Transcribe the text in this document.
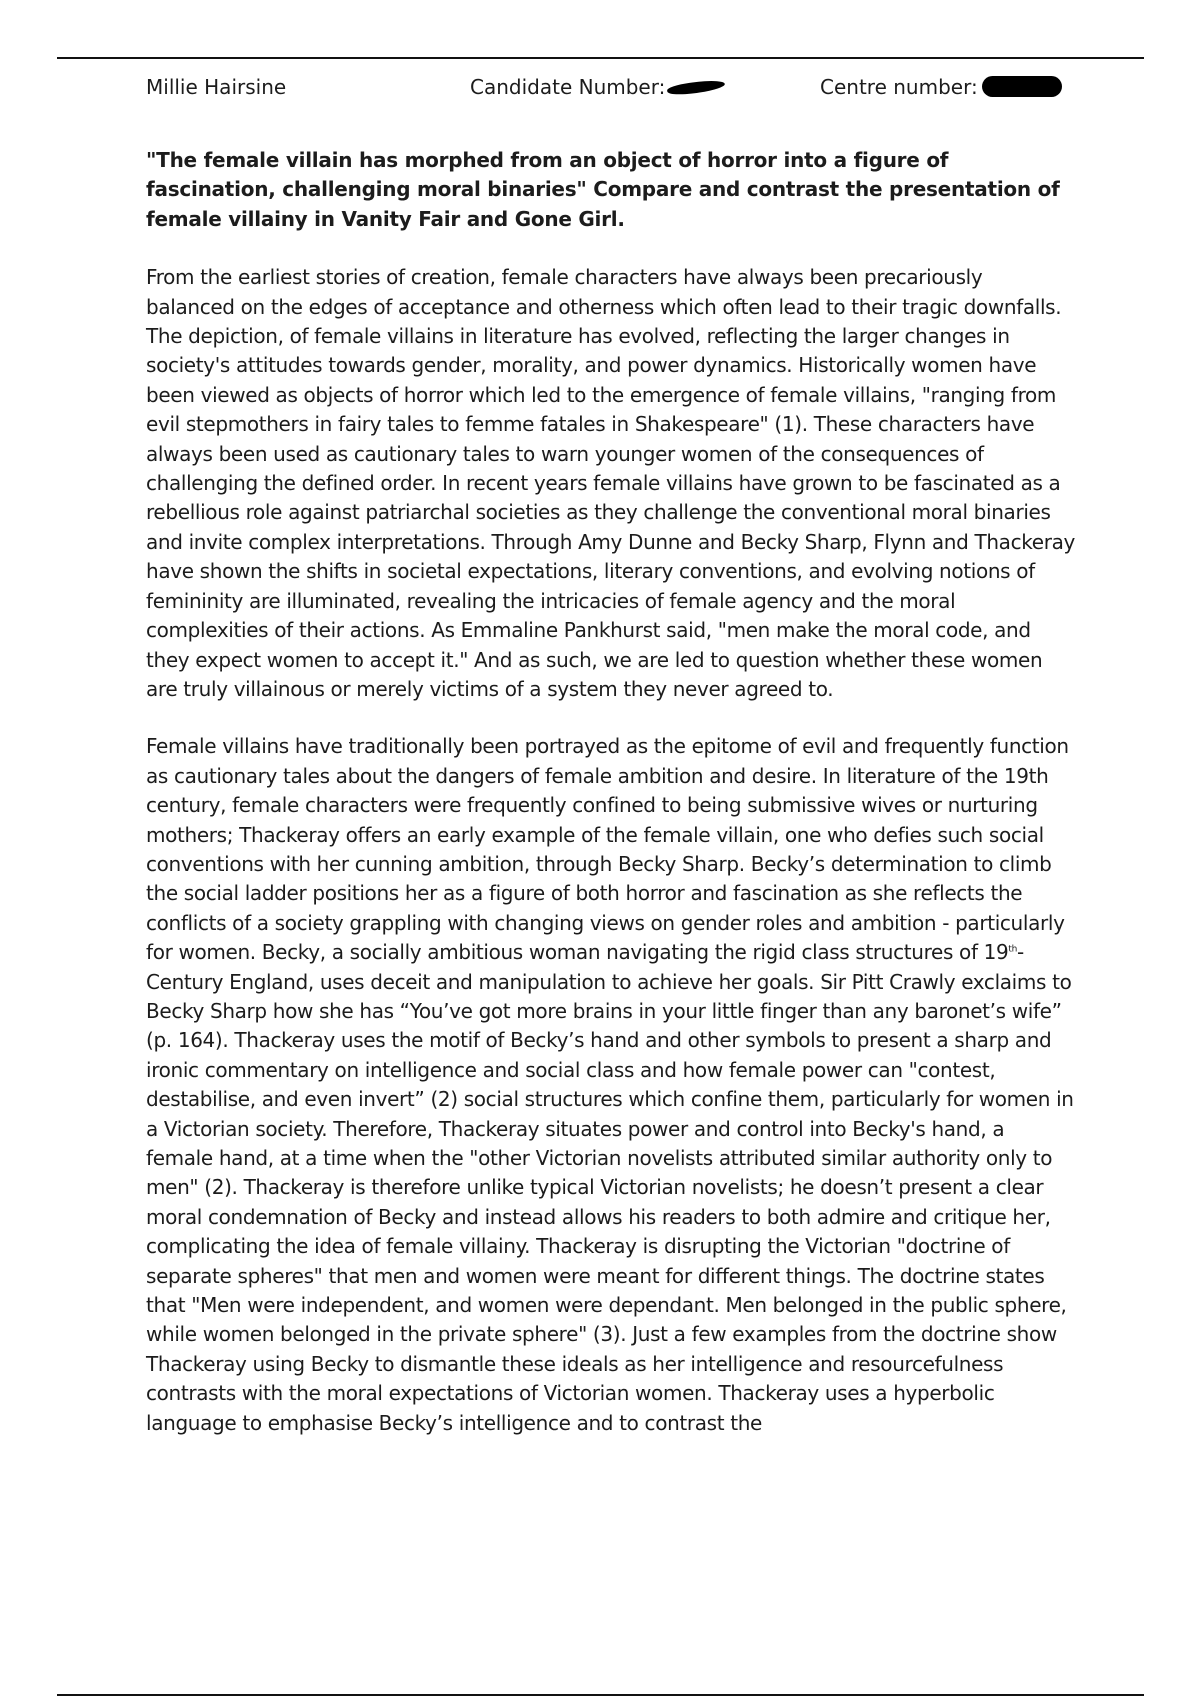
Millie Hairsine	Candidate Number:	Centre number:

"The female villain has morphed from an object of horror into a figure of fascination, challenging moral binaries" Compare and contrast the presentation of female villainy in Vanity Fair and Gone Girl.

From the earliest stories of creation, female characters have always been precariously balanced on the edges of acceptance and otherness which often lead to their tragic downfalls. The depiction, of female villains in literature has evolved, reflecting the larger changes in society's attitudes towards gender, morality, and power dynamics. Historically women have been viewed as objects of horror which led to the emergence of female villains, "ranging from evil stepmothers in fairy tales to femme fatales in Shakespeare" (1). These characters have always been used as cautionary tales to warn younger women of the consequences of challenging the defined order. In recent years female villains have grown to be fascinated as a rebellious role against patriarchal societies as they challenge the conventional moral binaries and invite complex interpretations. Through Amy Dunne and Becky Sharp, Flynn and Thackeray have shown the shifts in societal expectations, literary conventions, and evolving notions of femininity are illuminated, revealing the intricacies of female agency and the moral complexities of their actions. As Emmaline Pankhurst said, "men make the moral code, and they expect women to accept it." And as such, we are led to question whether these women are truly villainous or merely victims of a system they never agreed to.

Female villains have traditionally been portrayed as the epitome of evil and frequently function as cautionary tales about the dangers of female ambition and desire. In literature of the 19th century, female characters were frequently confined to being submissive wives or nurturing mothers; Thackeray offers an early example of the female villain, one who defies such social conventions with her cunning ambition, through Becky Sharp. Becky’s determination to climb the social ladder positions her as a figure of both horror and fascination as she reflects the conflicts of a society grappling with changing views on gender roles and ambition - particularly for women. Becky, a socially ambitious woman navigating the rigid class structures of 19th-Century England, uses deceit and manipulation to achieve her goals. Sir Pitt Crawly exclaims to Becky Sharp how she has “You’ve got more brains in your little finger than any baronet’s wife” (p. 164). Thackeray uses the motif of Becky’s hand and other symbols to present a sharp and ironic commentary on intelligence and social class and how female power can "contest, destabilise, and even invert” (2) social structures which confine them, particularly for women in a Victorian society. Therefore, Thackeray situates power and control into Becky's hand, a female hand, at a time when the "other Victorian novelists attributed similar authority only to men" (2). Thackeray is therefore unlike typical Victorian novelists; he doesn’t present a clear moral condemnation of Becky and instead allows his readers to both admire and critique her, complicating the idea of female villainy. Thackeray is disrupting the Victorian "doctrine of separate spheres" that men and women were meant for different things. The doctrine states that "Men were independent, and women were dependant. Men belonged in the public sphere, while women belonged in the private sphere" (3). Just a few examples from the doctrine show Thackeray using Becky to dismantle these ideals as her intelligence and resourcefulness contrasts with the moral expectations of Victorian women. Thackeray uses a hyperbolic language to emphasise Becky’s intelligence and to contrast the
